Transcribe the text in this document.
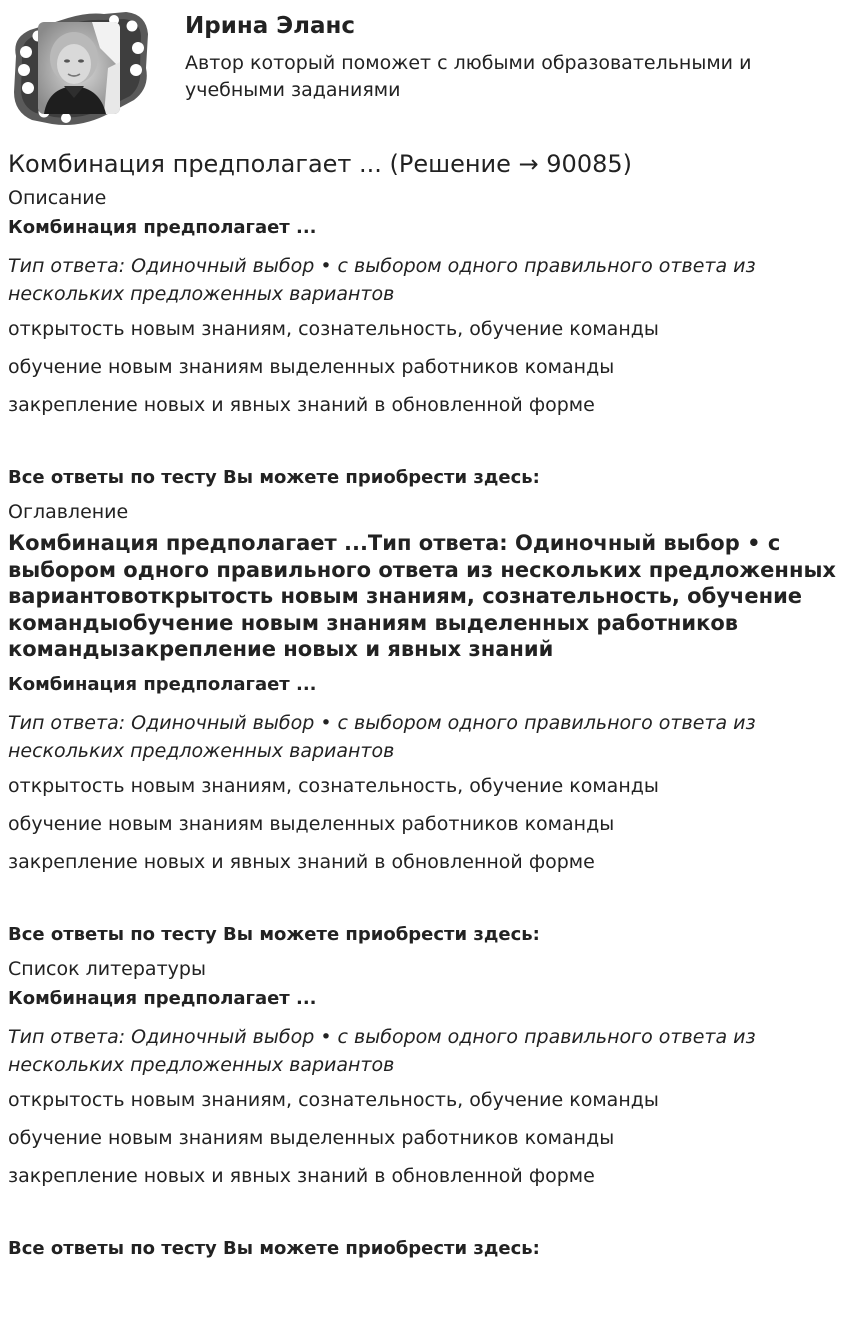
Ирина Эланс

Автор который поможет с любыми образовательными и учебными заданиями

Комбинация предполагает ... (Решение → 90085)
Описание
Комбинация предполагает ...
Тип ответа: Одиночный выбор • с выбором одного правильного ответа из нескольких предложенных вариантов
открытость новым знаниям, сознательность, обучение команды
обучение новым знаниям выделенных работников команды
закрепление новых и явных знаний в обновленной форме
Все ответы по тесту Вы можете приобрести здесь:
Оглавление
Комбинация предполагает ...Тип ответа: Одиночный выбор • с выбором одного правильного ответа из нескольких предложенных вариантовоткрытость новым знаниям, сознательность, обучение командыобучение новым знаниям выделенных работников командызакрепление новых и явных знаний
Комбинация предполагает ...
Тип ответа: Одиночный выбор • с выбором одного правильного ответа из нескольких предложенных вариантов
открытость новым знаниям, сознательность, обучение команды
обучение новым знаниям выделенных работников команды
закрепление новых и явных знаний в обновленной форме
Все ответы по тесту Вы можете приобрести здесь:
Список литературы
Комбинация предполагает ...
Тип ответа: Одиночный выбор • с выбором одного правильного ответа из нескольких предложенных вариантов
открытость новым знаниям, сознательность, обучение команды
обучение новым знаниям выделенных работников команды
закрепление новых и явных знаний в обновленной форме
Все ответы по тесту Вы можете приобрести здесь:
